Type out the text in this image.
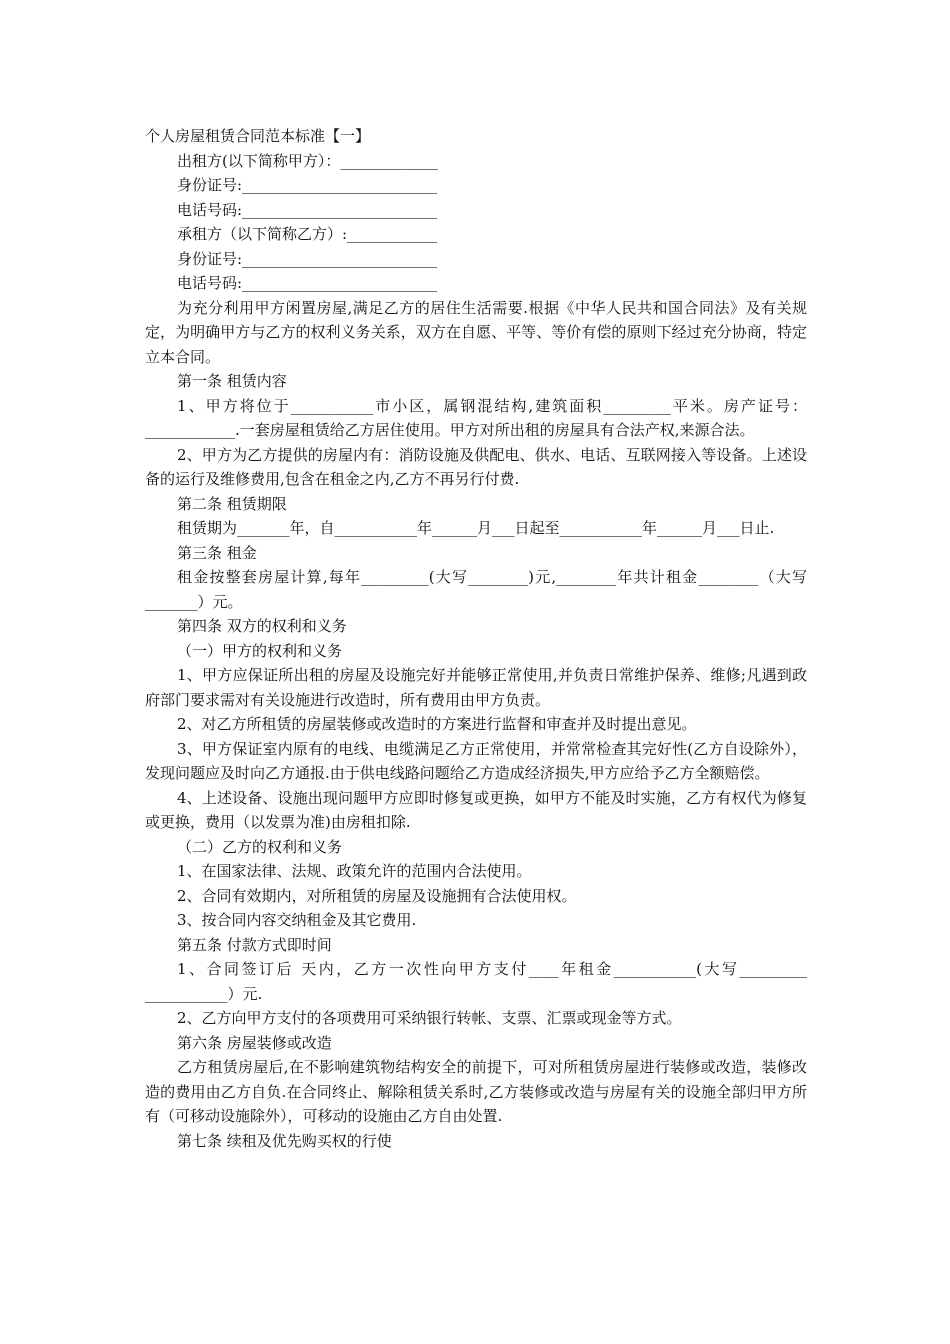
个人房屋租赁合同范本标准【一】

出租方(以下简称甲方）：_____________

身份证号:__________________________

电话号码:__________________________

承租方（以下简称乙方）:____________

身份证号:__________________________

电话号码:__________________________

为充分利用甲方闲置房屋,满足乙方的居住生活需要.根据《中华人民共和国合同法》及有关规定，为明确甲方与乙方的权利义务关系，双方在自愿、平等、等价有偿的原则下经过充分协商，特定立本合同。

第一条 租赁内容

1、甲方将位于___________市小区，属钢混结构,建筑面积_________平米。房产证号：____________.一套房屋租赁给乙方居住使用。甲方对所出租的房屋具有合法产权,来源合法。

2、甲方为乙方提供的房屋内有：消防设施及供配电、供水、电话、互联网接入等设备。上述设备的运行及维修费用,包含在租金之内,乙方不再另行付费.

第二条 租赁期限

租赁期为_______年，自___________年______月___日起至___________年______月___日止.

第三条 租金

租金按整套房屋计算,每年_________(大写________)元,________年共计租金________（大写_______）元。

第四条 双方的权利和义务

（一）甲方的权利和义务

1、甲方应保证所出租的房屋及设施完好并能够正常使用,并负责日常维护保养、维修;凡遇到政府部门要求需对有关设施进行改造时，所有费用由甲方负责。

2、对乙方所租赁的房屋装修或改造时的方案进行监督和审查并及时提出意见。

3、甲方保证室内原有的电线、电缆满足乙方正常使用，并常常检查其完好性(乙方自设除外），发现问题应及时向乙方通报.由于供电线路问题给乙方造成经济损失,甲方应给予乙方全额赔偿。

4、上述设备、设施出现问题甲方应即时修复或更换，如甲方不能及时实施，乙方有权代为修复或更换，费用（以发票为准)由房租扣除.

（二）乙方的权利和义务

1、在国家法律、法规、政策允许的范围内合法使用。

2、合同有效期内，对所租赁的房屋及设施拥有合法使用权。

3、按合同内容交纳租金及其它费用.

第五条 付款方式即时间

1、合同签订后 天内，乙方一次性向甲方支付____年租金___________(大写_________ ___________）元.

2、乙方向甲方支付的各项费用可采纳银行转帐、支票、汇票或现金等方式。

第六条 房屋装修或改造

乙方租赁房屋后,在不影响建筑物结构安全的前提下，可对所租赁房屋进行装修或改造，装修改造的费用由乙方自负.在合同终止、解除租赁关系时,乙方装修或改造与房屋有关的设施全部归甲方所有（可移动设施除外），可移动的设施由乙方自由处置.

第七条 续租及优先购买权的行使
